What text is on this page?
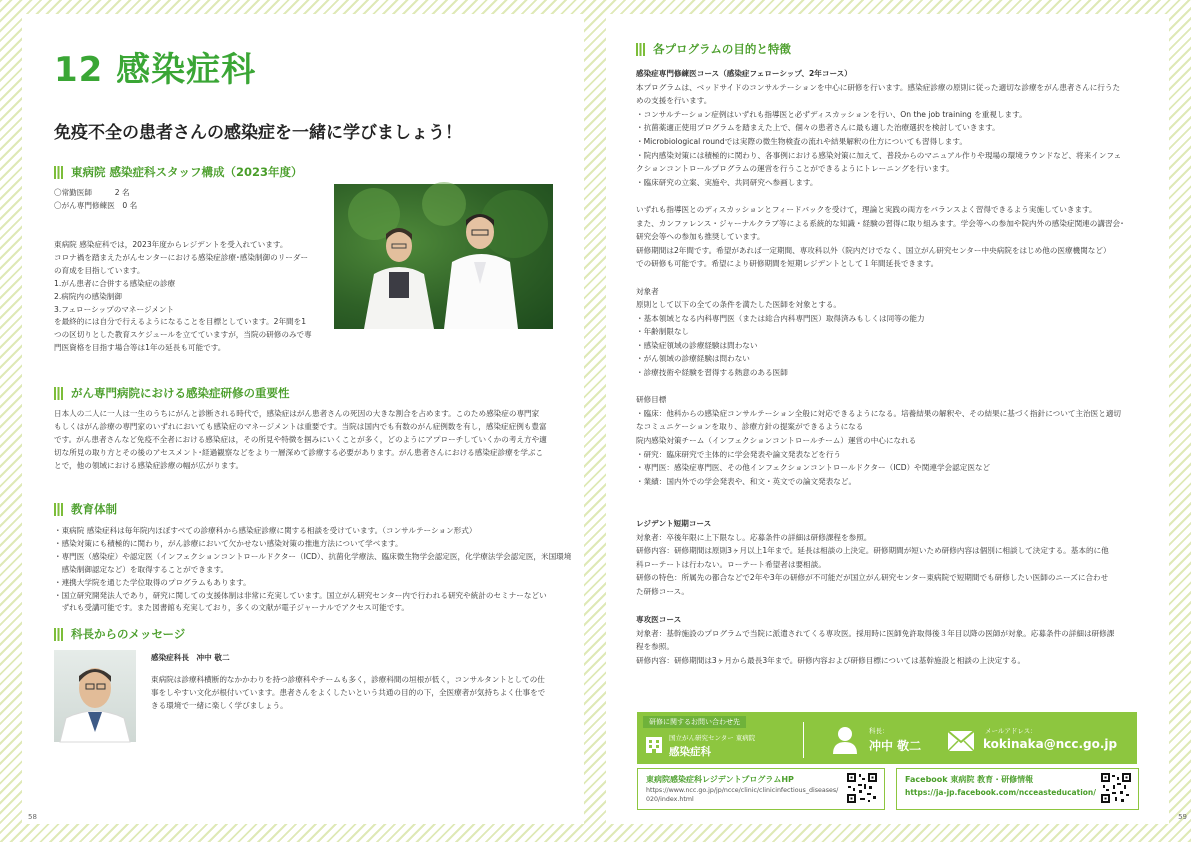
12 感染症科
免疫不全の患者さんの感染症を一緒に学びましょう！
東病院 感染症科スタッフ構成（2023年度）

〇常勤医師　　　2 名
〇がん専門修練医　0 名

東病院 感染症科では，2023年度からレジデントを受入れています。
コロナ禍を踏まえたがんセンターにおける感染症診療･感染制御のリーダー
の育成を目指しています。
1.がん患者に合併する感染症の診療
2.病院内の感染制御
3.フェローシップのマネージメント
を最終的には自分で行えるようになることを目標としています。2年間を1
つの区切りとした教育スケジュールを立てていますが，当院の研修のみで専
門医資格を目指す場合等は1年の延長も可能です。

がん専門病院における感染症研修の重要性

日本人の二人に一人は一生のうちにがんと診断される時代で，感染症はがん患者さんの死因の大きな割合を占めます。このため感染症の専門家
もしくはがん診療の専門家のいずれにおいても感染症のマネージメントは重要です。当院は国内でも有数のがん症例数を有し，感染症症例も豊富
です。がん患者さんなど免疫不全者における感染症は，その所見や特徴を掴みにいくことが多く，どのようにアプローチしていくかの考え方や適
切な所見の取り方とその後のアセスメント･経過観察などをより一層深めて診療する必要があります。がん患者さんにおける感染症診療を学ぶこ
とで，他の領域における感染症診療の幅が広がります。

教育体制

・東病院 感染症科は毎年院内ほぼすべての診療科から感染症診療に関する相談を受けています。（コンサルテーション形式）
・感染対策にも積極的に関わり，がん診療において欠かせない感染対策の推進方法について学べます。
・専門医（感染症）や認定医（インフェクションコントロールドクター（ICD）、抗菌化学療法、臨床微生物学会認定医，化学療法学会認定医，米国環境
　感染制御認定など）を取得することができます。
・連携大学院を通じた学位取得のプログラムもあります。
・国立研究開発法人であり，研究に関しての支援体制は非常に充実しています。国立がん研究センター内で行われる研究や統計のセミナーなどい
　ずれも受講可能です。また図書館も充実しており，多くの文献が電子ジャーナルでアクセス可能です。

科長からのメッセージ
感染症科長　冲中 敬二

東病院は診療科横断的なかかわりを持つ診療科やチームも多く，診療科間の垣根が低く，コンサルタントとしての仕
事をしやすい文化が根付いています。患者さんをよくしたいという共通の目的の下，全医療者が気持ちよく仕事をで
きる環境で一緒に楽しく学びましょう。

58
各プログラムの目的と特徴

感染症専門修練医コース（感染症フェローシップ、2年コース）
本プログラムは、ベッドサイドのコンサルテーションを中心に研修を行います。感染症診療の原則に従った適切な診療をがん患者さんに行うた
めの支援を行います。
・コンサルテーション症例はいずれも指導医と必ずディスカッションを行い、On the job training を重視します。
・抗菌薬適正使用プログラムを踏まえた上で、個々の患者さんに最も適した治療選択を検討していきます。
・Microbiological roundでは実際の微生物検査の流れや結果解釈の仕方についても習得します。
・院内感染対策には積極的に関わり、各事例における感染対策に加えて、普段からのマニュアル作りや現場の環境ラウンドなど、将来インフェ
クションコントロールプログラムの運営を行うことができるようにトレーニングを行います。
・臨床研究の立案、実施や、共同研究へ参画します。

いずれも指導医とのディスカッションとフィードバックを受けて，理論と実践の両方をバランスよく習得できるよう実施していきます。
また、カンファレンス・ジャーナルクラブ等による系統的な知識・経験の習得に取り組みます。学会等への参加や院内外の感染症関連の講習会･
研究会等への参加も推奨しています。
研修期間は2年間です。希望があれば一定期間、専攻科以外（院内だけでなく、国立がん研究センター中央病院をはじめ他の医療機関など）
での研修も可能です。希望により研修期間を短期レジデントとして１年間延長できます。

対象者
原則として以下の全ての条件を満たした医師を対象とする。
・基本領域となる内科専門医（または総合内科専門医）取得済みもしくは同等の能力
・年齢制限なし
・感染症領域の診療経験は問わない
・がん領域の診療経験は問わない
・診療技術や経験を習得する熱意のある医師

研修目標
・臨床：他科からの感染症コンサルテーション全般に対応できるようになる。培養結果の解釈や、その結果に基づく指針について主治医と適切
なコミュニケーションを取り、診療方針の提案ができるようになる
院内感染対策チーム（インフェクションコントロールチーム）運営の中心になれる
・研究：臨床研究で主体的に学会発表や論文発表などを行う
・専門医：感染症専門医、その他インフェクションコントロールドクター（ICD）や関連学会認定医など
・業績：国内外での学会発表や、和文・英文での論文発表など。

レジデント短期コース
対象者：卒後年限に上下限なし。応募条件の詳細は研修課程を参照。
研修内容：研修期間は原則3ヶ月以上1年まで。延長は相談の上決定。研修期間が短いため研修内容は個別に相談して決定する。基本的に他
科ローテートは行わない。ローテート希望者は要相談。
研修の特色：所属先の都合などで2年や3年の研修が不可能だが国立がん研究センター東病院で短期間でも研修したい医師のニーズに合わせ
た研修コース。

専攻医コース
対象者：基幹施設のプログラムで当院に派遣されてくる専攻医。採用時に医師免許取得後３年目以降の医師が対象。応募条件の詳細は研修課
程を参照。
研修内容：研修期間は3ヶ月から最長3年まで。研修内容および研修目標については基幹施設と相談の上決定する。

研修に関するお問い合わせ先
国立がん研究センター 東病院
感染症科
科長：
冲中 敬二
メールアドレス：
kokinaka@ncc.go.jp
東病院感染症科レジデントプログラムHP
https://www.ncc.go.jp/jp/ncce/clinic/clinicinfectious_diseases/
020/index.html
Facebook 東病院 教育・研修情報
https://ja-jp.facebook.com/ncceasteducation/
59
